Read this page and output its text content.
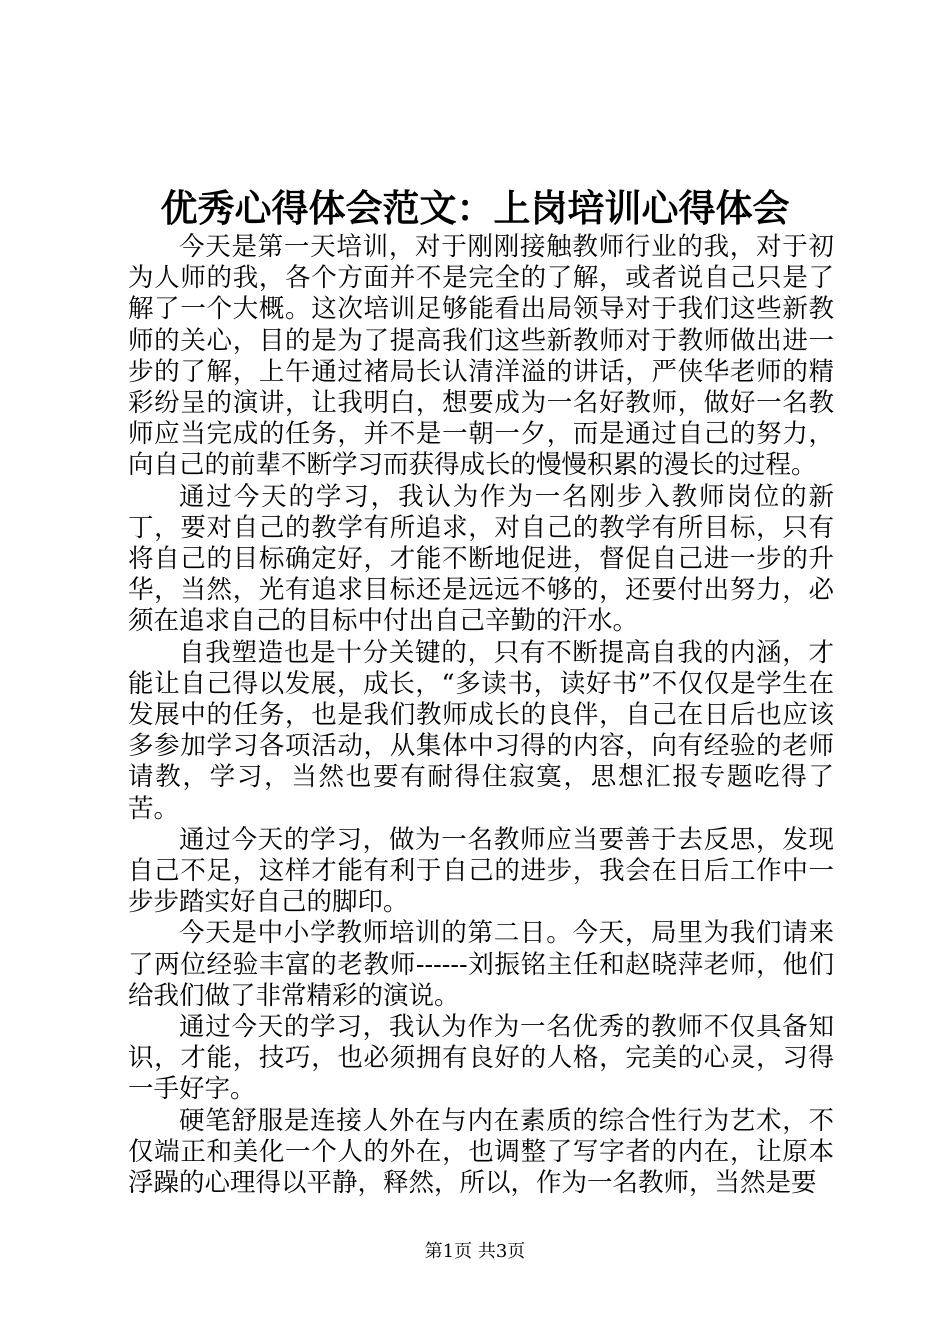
优秀心得体会范文：上岗培训心得体会

今天是第一天培训，对于刚刚接触教师行业的我，对于初为人师的我，各个方面并不是完全的了解，或者说自己只是了解了一个大概。这次培训足够能看出局领导对于我们这些新教师的关心，目的是为了提高我们这些新教师对于教师做出进一步的了解，上午通过褚局长认清洋溢的讲话，严侠华老师的精彩纷呈的演讲，让我明白，想要成为一名好教师，做好一名教师应当完成的任务，并不是一朝一夕，而是通过自己的努力，向自己的前辈不断学习而获得成长的慢慢积累的漫长的过程。

通过今天的学习，我认为作为一名刚步入教师岗位的新丁，要对自己的教学有所追求，对自己的教学有所目标，只有将自己的目标确定好，才能不断地促进，督促自己进一步的升华，当然，光有追求目标还是远远不够的，还要付出努力，必须在追求自己的目标中付出自己辛勤的汗水。

自我塑造也是十分关键的，只有不断提高自我的内涵，才能让自己得以发展，成长，“多读书，读好书”不仅仅是学生在发展中的任务，也是我们教师成长的良伴，自己在日后也应该多参加学习各项活动，从集体中习得的内容，向有经验的老师请教，学习，当然也要有耐得住寂寞，思想汇报专题吃得了苦。

通过今天的学习，做为一名教师应当要善于去反思，发现自己不足，这样才能有利于自己的进步，我会在日后工作中一步步踏实好自己的脚印。

今天是中小学教师培训的第二日。今天，局里为我们请来了两位经验丰富的老教师------刘振铭主任和赵晓萍老师，他们给我们做了非常精彩的演说。

通过今天的学习，我认为作为一名优秀的教师不仅具备知识，才能，技巧，也必须拥有良好的人格，完美的心灵，习得一手好字。

硬笔舒服是连接人外在与内在素质的综合性行为艺术，不仅端正和美化一个人的外在，也调整了写字者的内在，让原本浮躁的心理得以平静，释然，所以，作为一名教师，当然是要

第1页 共3页
